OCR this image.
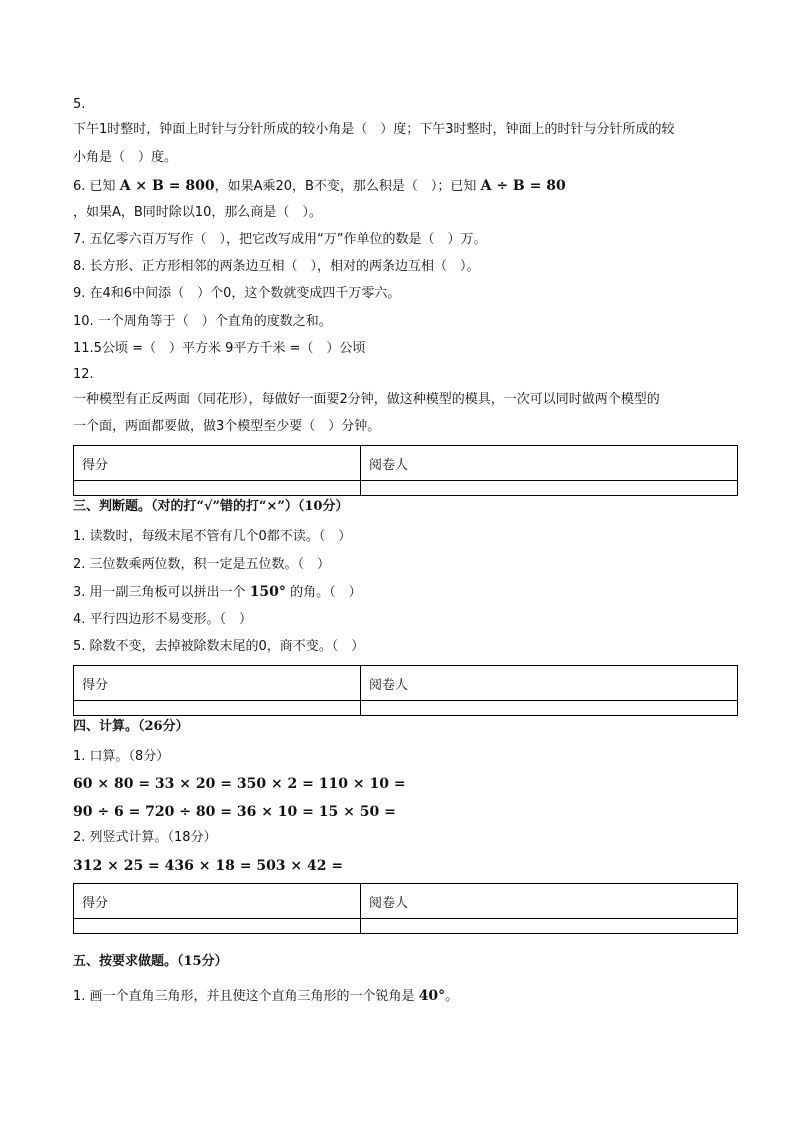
5.
下午1时整时，钟面上时针与分针所成的较小角是（　）度；下午3时整时，钟面上的时针与分针所成的较
小角是（　）度。
6. 已知 A × B = 800，如果A乘20，B不变，那么积是（　）；已知 A ÷ B = 80
，如果A，B同时除以10，那么商是（　）。
7. 五亿零六百万写作（　），把它改写成用“万”作单位的数是（　）万。
8. 长方形、正方形相邻的两条边互相（　），相对的两条边互相（　）。
9. 在4和6中间添（　）个0，这个数就变成四千万零六。
10. 一个周角等于（　）个直角的度数之和。
11.5公顷 =（　）平方米 9平方千米 =（　）公顷
12.
一种模型有正反两面（同花形），每做好一面要2分钟，做这种模型的模具，一次可以同时做两个模型的
一个面，两面都要做，做3个模型至少要（　）分钟。
得分	阅卷人

三、判断题。（对的打“√”错的打“×”）（10分）
1. 读数时，每级末尾不管有几个0都不读。（　）
2. 三位数乘两位数，积一定是五位数。（　）
3. 用一副三角板可以拼出一个 150° 的角。（　）
4. 平行四边形不易变形。（　）
5. 除数不变，去掉被除数末尾的0，商不变。（　）
得分	阅卷人

四、计算。（26分）
1. 口算。（8分）
60 × 80 = 33 × 20 = 350 × 2 = 110 × 10 =
90 ÷ 6 = 720 ÷ 80 = 36 × 10 = 15 × 50 =
2. 列竖式计算。（18分）
312 × 25 = 436 × 18 = 503 × 42 =
得分	阅卷人

五、按要求做题。（15分）
1. 画一个直角三角形，并且使这个直角三角形的一个锐角是 40°。
